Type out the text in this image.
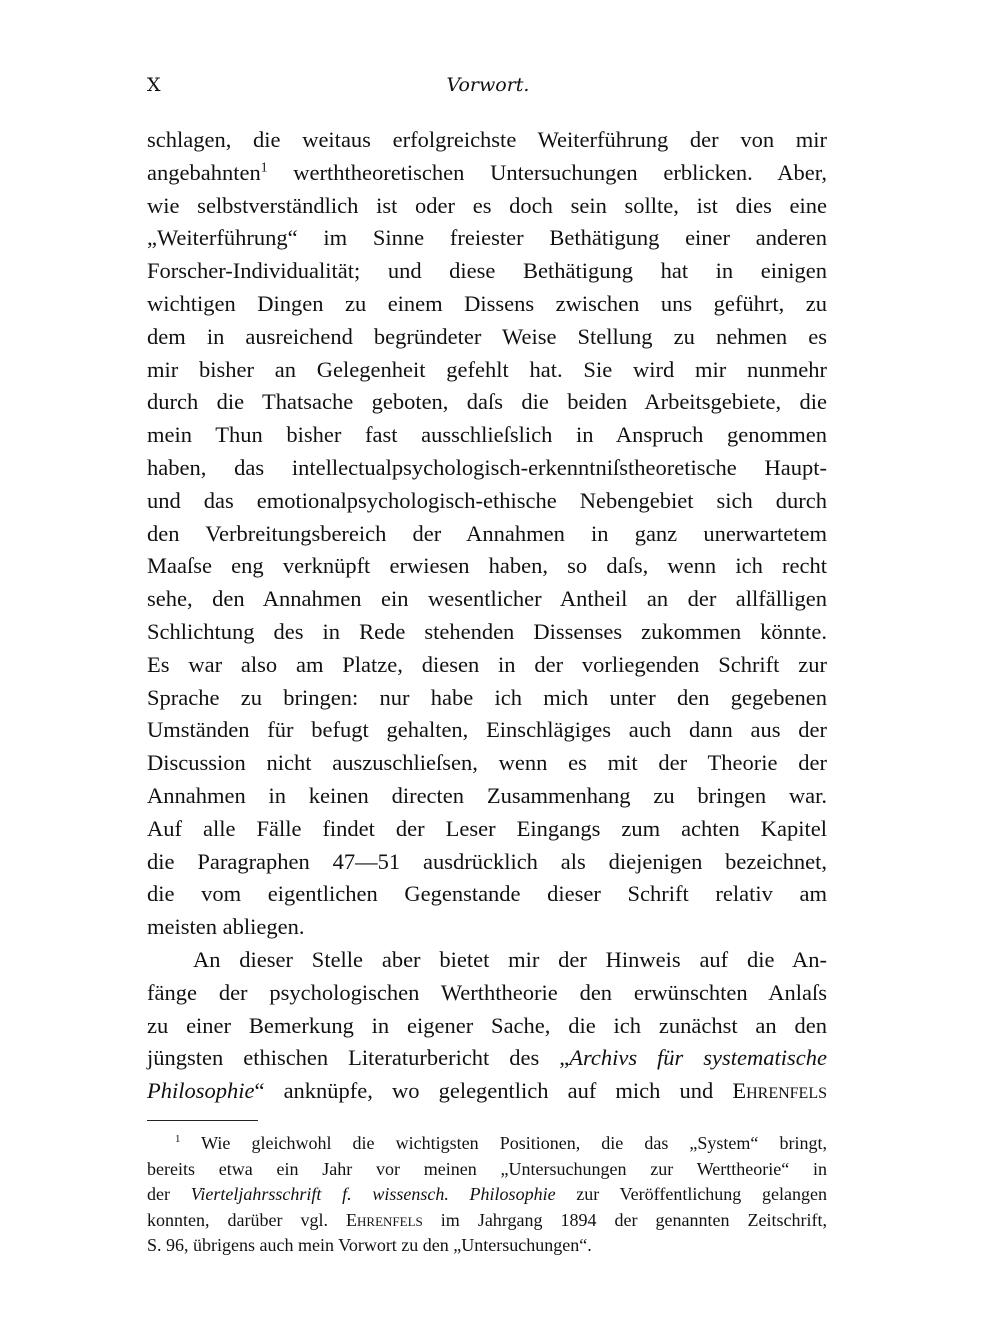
X	Vorwort.
schlagen, die weitaus erfolgreichste Weiterführung der von mir
angebahnten$^1$ werththeoretischen Untersuchungen erblicken. Aber,
wie selbstverständlich ist oder es doch sein sollte, ist dies eine
„Weiterführung“ im Sinne freiester Bethätigung einer anderen
Forscher-Individualität; und diese Bethätigung hat in einigen
wichtigen Dingen zu einem Dissens zwischen uns geführt, zu
dem in ausreichend begründeter Weise Stellung zu nehmen es
mir bisher an Gelegenheit gefehlt hat. Sie wird mir nunmehr
durch die Thatsache geboten, daſs die beiden Arbeitsgebiete, die
mein Thun bisher fast ausschlieſslich in Anspruch genommen
haben, das intellectualpsychologisch-erkenntniſstheoretische Haupt-
und das emotionalpsychologisch-ethische Nebengebiet sich durch
den Verbreitungsbereich der Annahmen in ganz unerwartetem
Maaſse eng verknüpft erwiesen haben, so daſs, wenn ich recht
sehe, den Annahmen ein wesentlicher Antheil an der allfälligen
Schlichtung des in Rede stehenden Dissenses zukommen könnte.
Es war also am Platze, diesen in der vorliegenden Schrift zur
Sprache zu bringen: nur habe ich mich unter den gegebenen
Umständen für befugt gehalten, Einschlägiges auch dann aus der
Discussion nicht auszuschlieſsen, wenn es mit der Theorie der
Annahmen in keinen directen Zusammenhang zu bringen war.
Auf alle Fälle findet der Leser Eingangs zum achten Kapitel
die Paragraphen 47—51 ausdrücklich als diejenigen bezeichnet,
die vom eigentlichen Gegenstande dieser Schrift relativ am
meisten abliegen.
An dieser Stelle aber bietet mir der Hinweis auf die An-
fänge der psychologischen Werththeorie den erwünschten Anlaſs
zu einer Bemerkung in eigener Sache, die ich zunächst an den
jüngsten ethischen Literaturbericht des „Archivs für systematische
Philosophie“ anknüpfe, wo gelegentlich auf mich und Ehrenfels
$^1$ Wie gleichwohl die wichtigsten Positionen, die das „System“ bringt,
bereits etwa ein Jahr vor meinen „Untersuchungen zur Werttheorie“ in
der Vierteljahrsschrift f. wissensch. Philosophie zur Veröffentlichung gelangen
konnten, darüber vgl. Ehrenfels im Jahrgang 1894 der genannten Zeitschrift,
S. 96, übrigens auch mein Vorwort zu den „Untersuchungen“.
